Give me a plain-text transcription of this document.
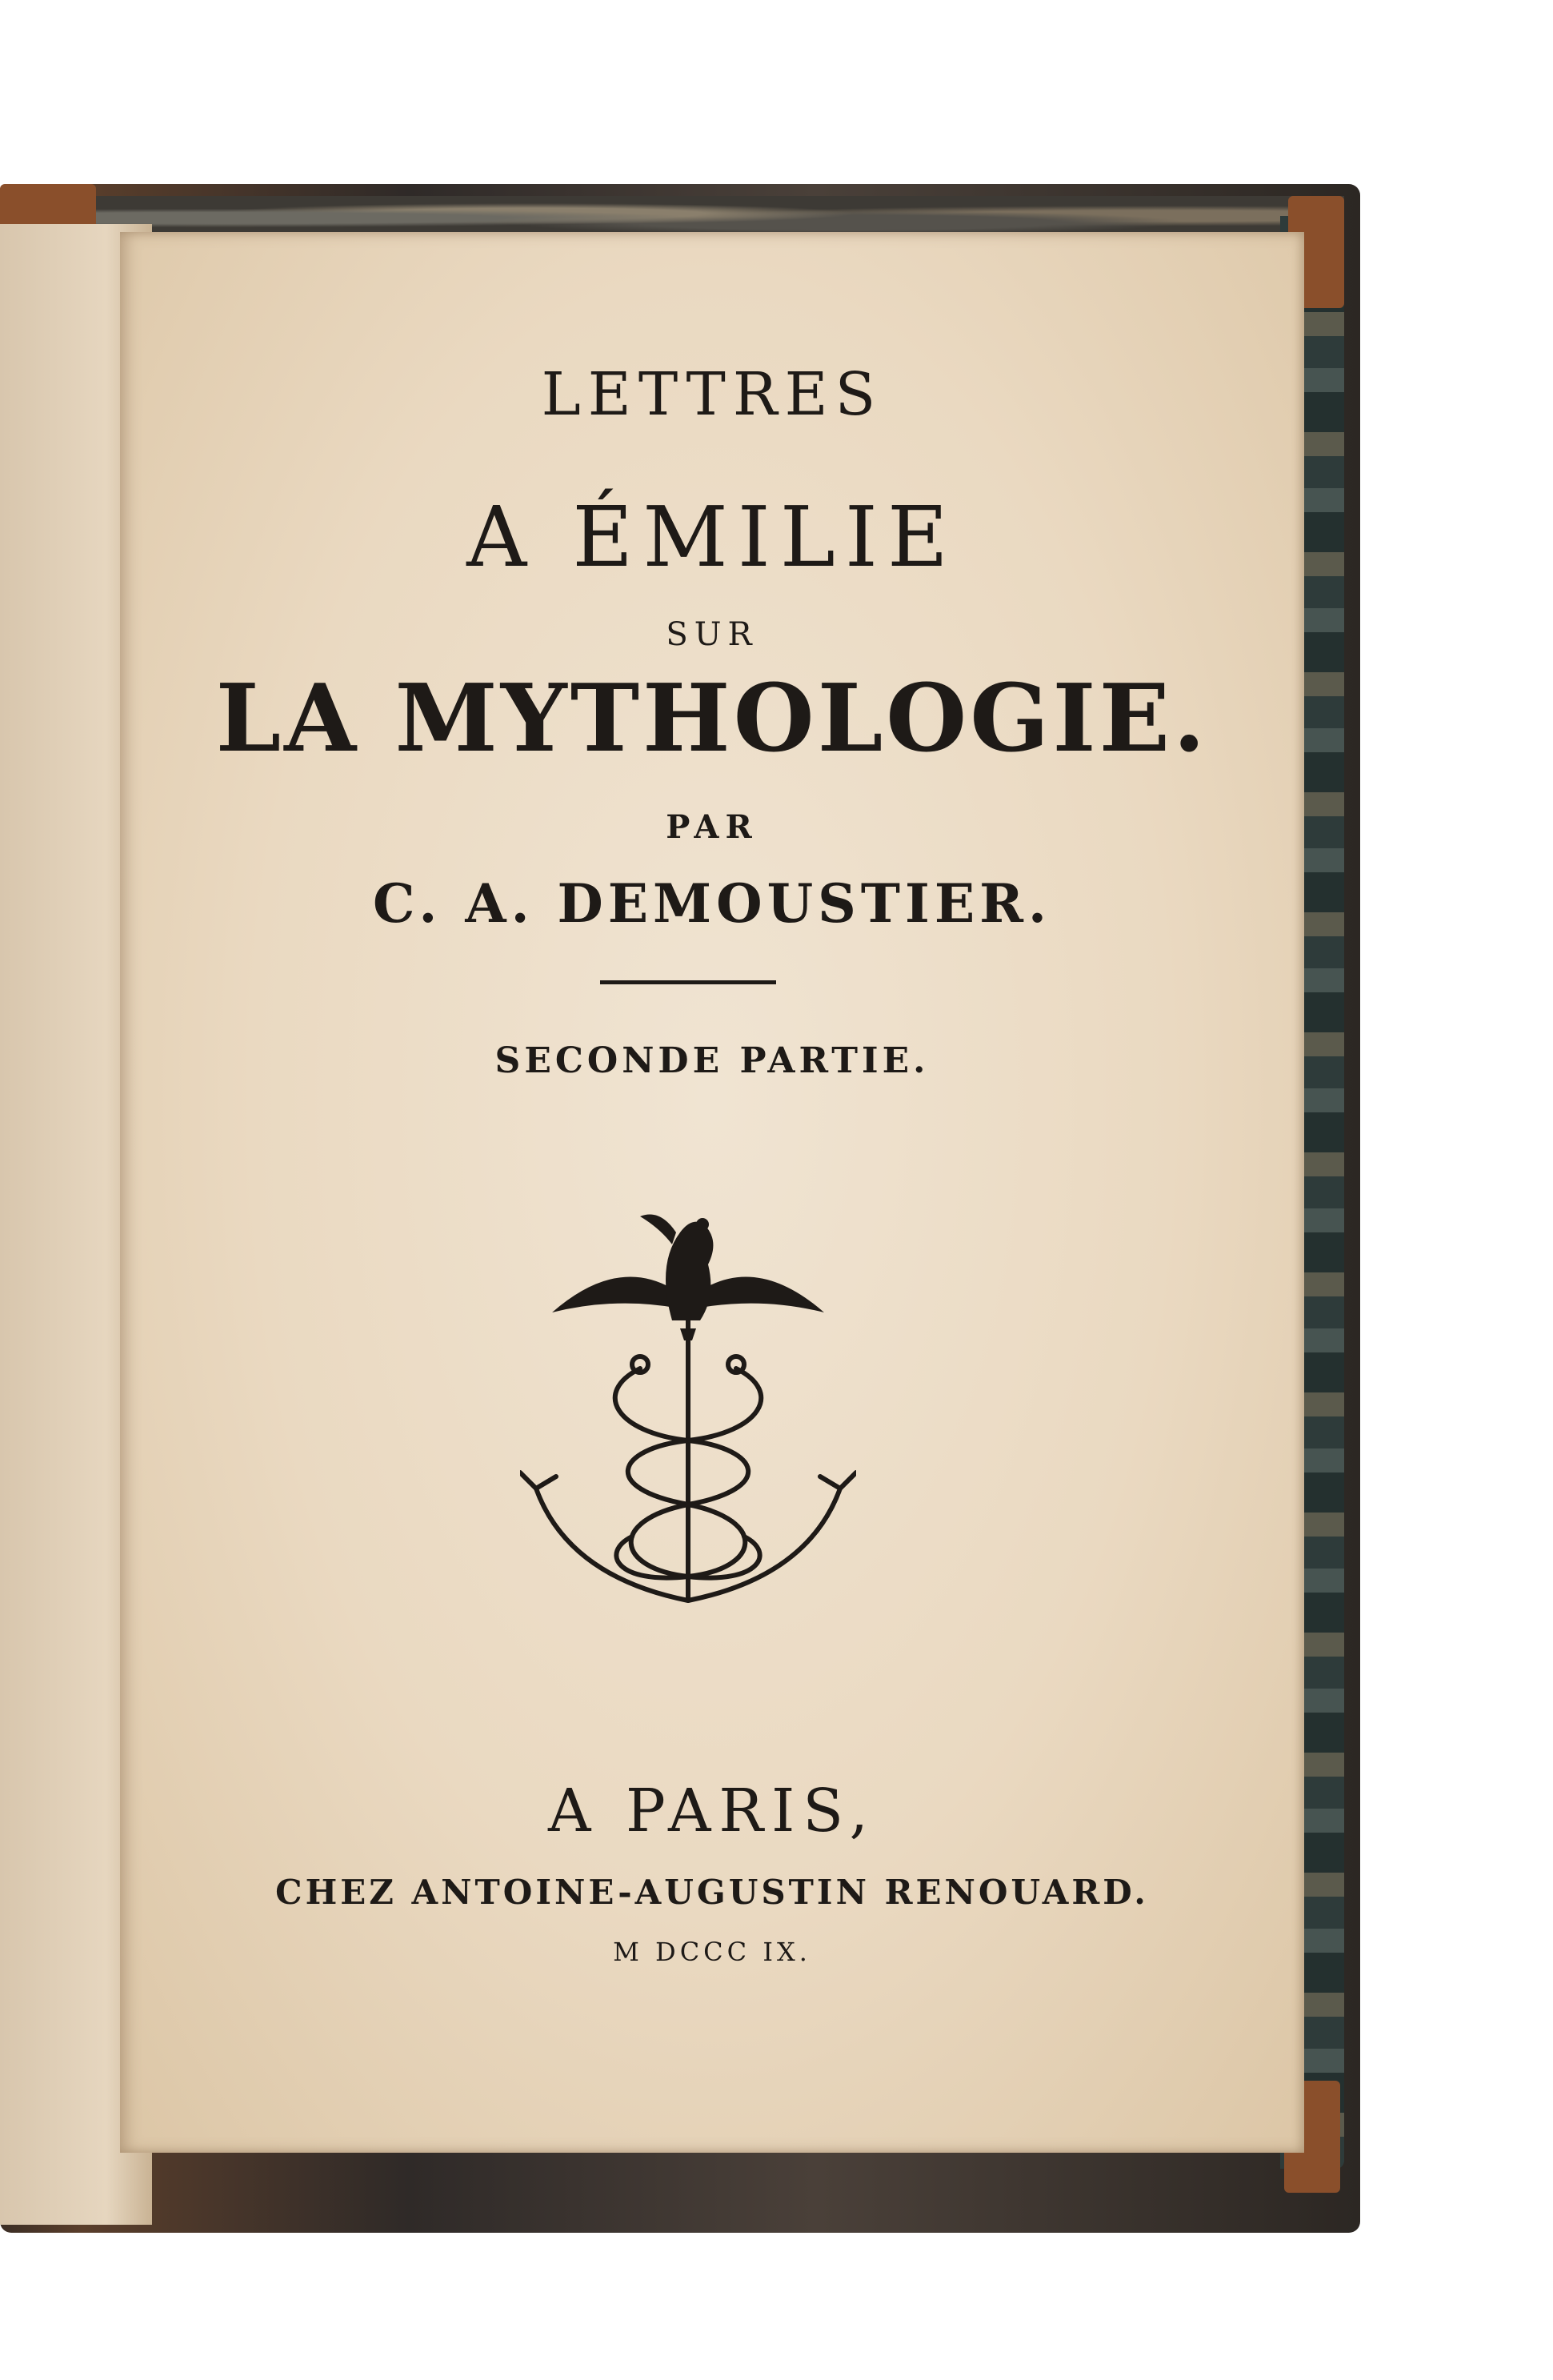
LETTRES
A ÉMILIE
SUR
LA MYTHOLOGIE.
PAR
C. A. DEMOUSTIER.
SECONDE PARTIE.
A PARIS,
CHEZ ANTOINE-AUGUSTIN RENOUARD.
M DCCC IX.
